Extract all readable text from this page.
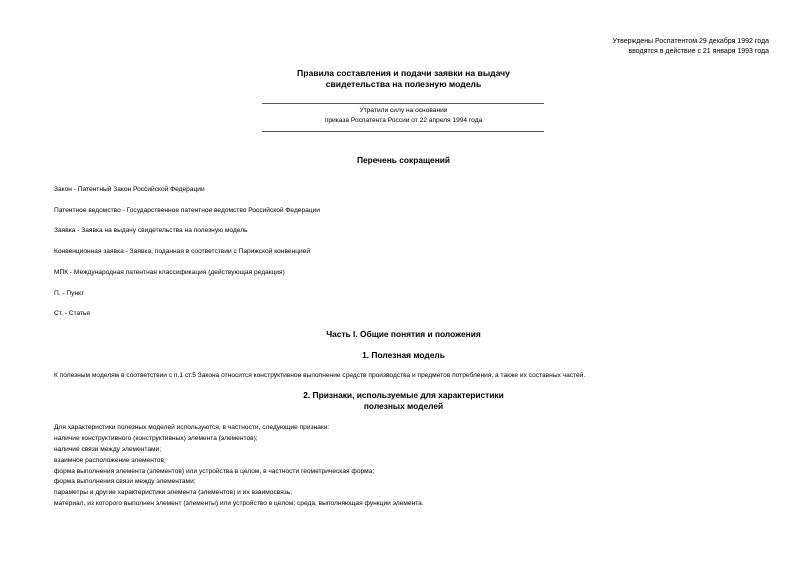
Утверждены Роспатентом 29 декабря 1992 года
вводятся в действие с 21 января 1993 года
Правила составления и подачи заявки на выдачу
свидетельства на полезную модель
Утратили силу на основании
приказа Роспатента России от 22 апреля 1994 года
Перечень сокращений
Закон - Патентный Закон Российской Федерации
Патентное ведомство - Государственное патентное ведомство Российской Федерации
Заявка - Заявка на выдачу свидетельства на полезную модель
Конвенционная заявка - Заявка, поданная в соответствии с Парижской конвенцией
МПК - Международная патентная классификация (действующая редакция)
П. - Пункт
Ст. - Статья
Часть I. Общие понятия и положения
1. Полезная модель
К полезным моделям в соответствии с п.1 ст.5 Закона относится конструктивное выполнение средств производства и предметов потребления, а также их составных частей.
2. Признаки, используемые для характеристики
полезных моделей
Для характеристики полезных моделей используются, в частности, следующие признаки:
наличие конструктивного (конструктивных) элемента (элементов);
наличие связи между элементами;
взаимное расположение элементов;
форма выполнения элемента (элементов) или устройства в целом, в частности геометрическая форма;
форма выполнения связи между элементами;
параметры и другие характеристики элемента (элементов) и их взаимосвязь;
материал, из которого выполнен элемент (элементы) или устройство в целом; среда, выполняющая функции элемента.
